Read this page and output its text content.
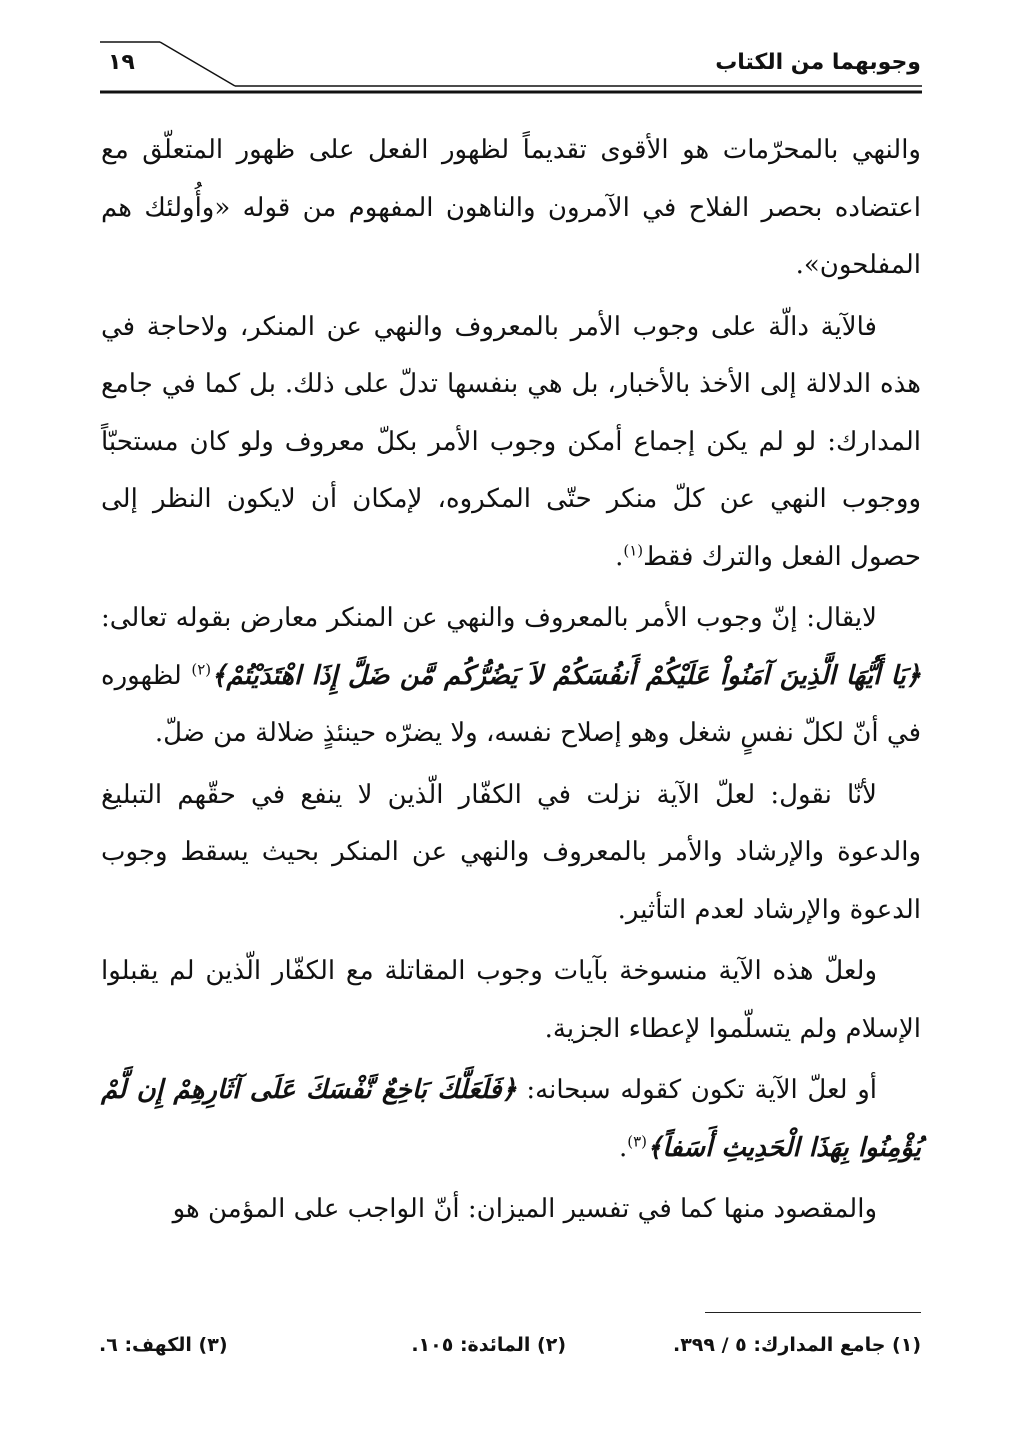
وجوبهما من الكتاب
١٩

والنهي بالمحرّمات هو الأقوى تقديماً لظهور الفعل على ظهور المتعلّق مع اعتضاده بحصر الفلاح في الآمرون والناهون المفهوم من قوله «وأُولئك هم المفلحون».

فالآية دالّة على وجوب الأمر بالمعروف والنهي عن المنكر، ولاحاجة في هذه الدلالة إلى الأخذ بالأخبار، بل هي بنفسها تدلّ على ذلك. بل كما في جامع المدارك: لو لم يكن إجماع أمكن وجوب الأمر بكلّ معروف ولو كان مستحبّاً ووجوب النهي عن كلّ منكر حتّى المكروه، لإمكان أن لايكون النظر إلى حصول الفعل والترك فقط$^{(١)}$.

لايقال: إنّ وجوب الأمر بالمعروف والنهي عن المنكر معارض بقوله تعالى: ﴿يَا أَيُّهَا الَّذِينَ آمَنُواْ عَلَيْكُمْ أَنفُسَكُمْ لاَ يَضُرُّكُم مَّن ضَلَّ إِذَا اهْتَدَيْتُمْ﴾$^{(٢)}$ لظهوره في أنّ لكلّ نفسٍ شغل وهو إصلاح نفسه، ولا يضرّه حينئذٍ ضلالة من ضلّ.

لأنّا نقول: لعلّ الآية نزلت في الكفّار الّذين لا ينفع في حقّهم التبليغ والدعوة والإرشاد والأمر بالمعروف والنهي عن المنكر بحيث يسقط وجوب الدعوة والإرشاد لعدم التأثير.

ولعلّ هذه الآية منسوخة بآيات وجوب المقاتلة مع الكفّار الّذين لم يقبلوا الإسلام ولم يتسلّموا لإعطاء الجزية.

أو لعلّ الآية تكون كقوله سبحانه: ﴿فَلَعَلَّكَ بَاخِعٌ نَّفْسَكَ عَلَى آثَارِهِمْ إِن لَّمْ يُؤْمِنُوا بِهَذَا الْحَدِيثِ أَسَفاً﴾$^{(٣)}$.

والمقصود منها كما في تفسير الميزان: أنّ الواجب على المؤمن هو

(١) جامع المدارك: ٥ / ٣٩٩.
(٢) المائدة: ١٠٥.
(٣) الكهف: ٦.
